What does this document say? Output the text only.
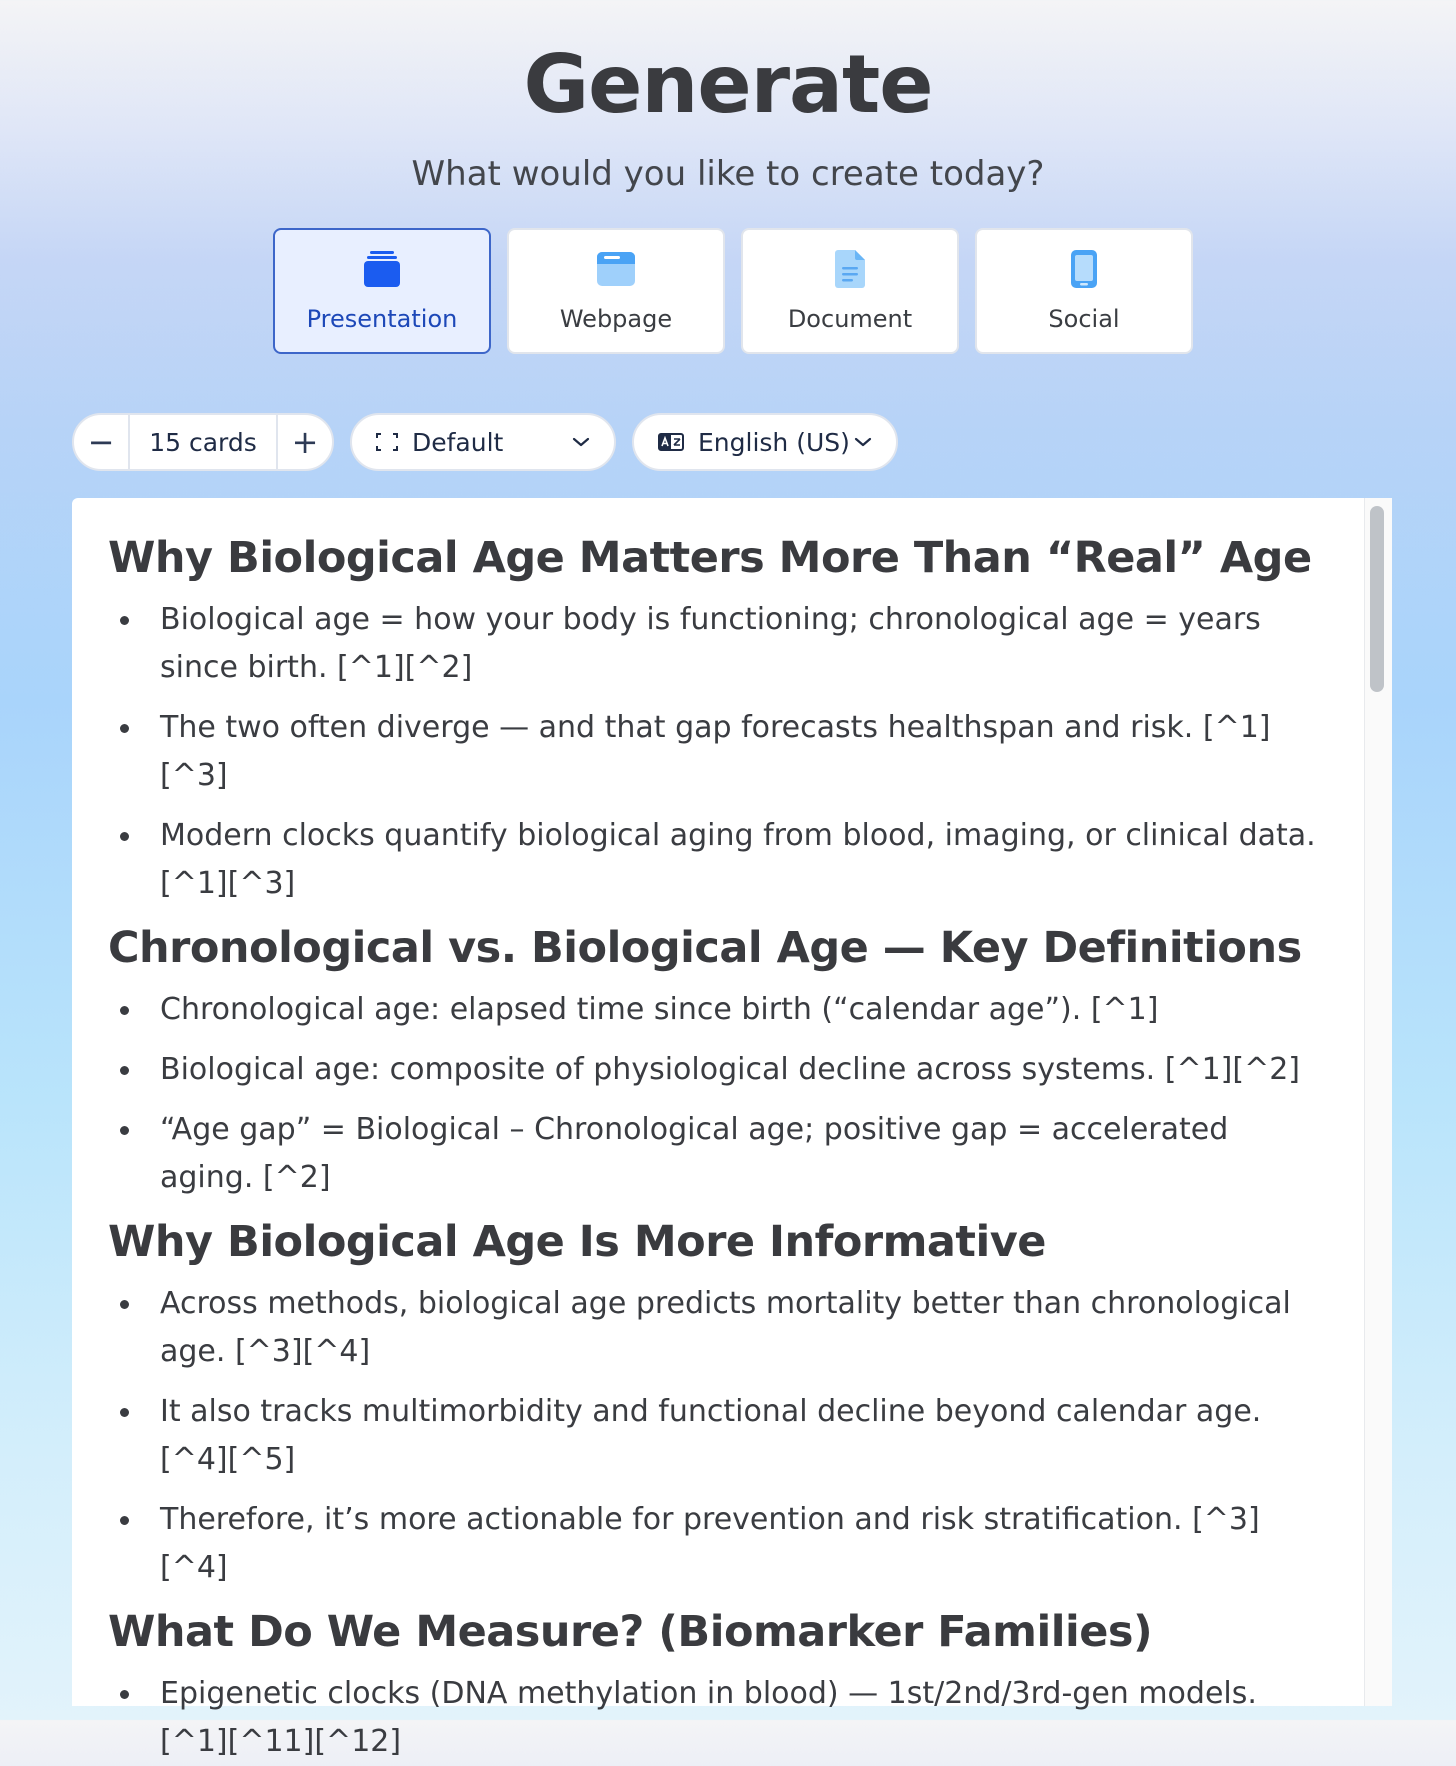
Generate
What would you like to create today?
Presentation	Webpage	Document	Social
−	15 cards	+	Default	English (US)
Why Biological Age Matters More Than “Real” Age
Biological age = how your body is functioning; chronological age = years since birth. [^1][^2]
The two often diverge — and that gap forecasts healthspan and risk. [^1][^3]
Modern clocks quantify biological aging from blood, imaging, or clinical data. [^1][^3]
Chronological vs. Biological Age — Key Definitions
Chronological age: elapsed time since birth (“calendar age”). [^1]
Biological age: composite of physiological decline across systems. [^1][^2]
“Age gap” = Biological – Chronological age; positive gap = accelerated aging. [^2]
Why Biological Age Is More Informative
Across methods, biological age predicts mortality better than chronological age. [^3][^4]
It also tracks multimorbidity and functional decline beyond calendar age. [^4][^5]
Therefore, it’s more actionable for prevention and risk stratification. [^3][^4]
What Do We Measure? (Biomarker Families)
Epigenetic clocks (DNA methylation in blood) — 1st/2nd/3rd-gen models. [^1][^11][^12]
